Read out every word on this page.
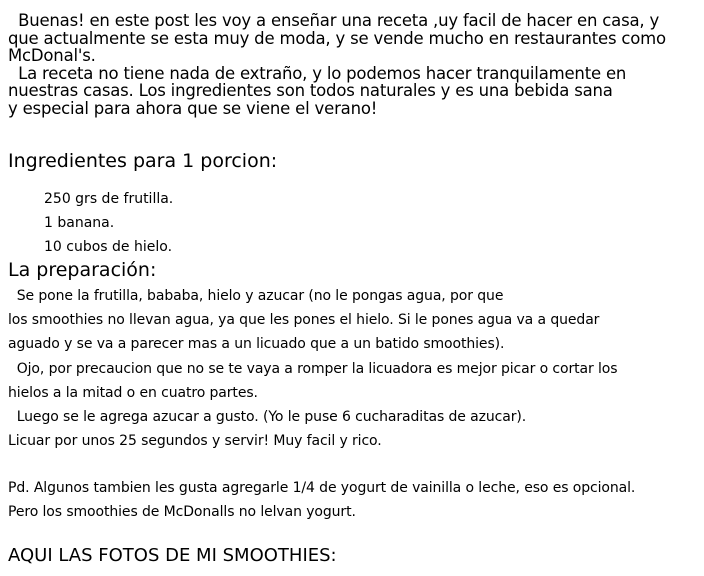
Buenas! en este post les voy a enseñar una receta ,uy facil de hacer en casa, y

que actualmente se esta muy de moda, y se vende mucho en restaurantes como

McDonal's.

La receta no tiene nada de extraño, y lo podemos hacer tranquilamente en

nuestras casas. Los ingredientes son todos naturales y es una bebida sana

y especial para ahora que se viene el verano!

Ingredientes para 1 porcion:
250 grs de frutilla.
1 banana.
10 cubos de hielo.
La preparación:

Se pone la frutilla, bababa, hielo y azucar (no le pongas agua, por que

los smoothies no llevan agua, ya que les pones el hielo. Si le pones agua va a quedar

aguado y se va a parecer mas a un licuado que a un batido smoothies).

Ojo, por precaucion que no se te vaya a romper la licuadora es mejor picar o cortar los

hielos a la mitad o en cuatro partes.

Luego se le agrega azucar a gusto. (Yo le puse 6 cucharaditas de azucar).

Licuar por unos 25 segundos y servir! Muy facil y rico.

Pd. Algunos tambien les gusta agregarle 1/4 de yogurt de vainilla o leche, eso es opcional.

Pero los smoothies de McDonalls no lelvan yogurt.

AQUI LAS FOTOS DE MI SMOOTHIES:
